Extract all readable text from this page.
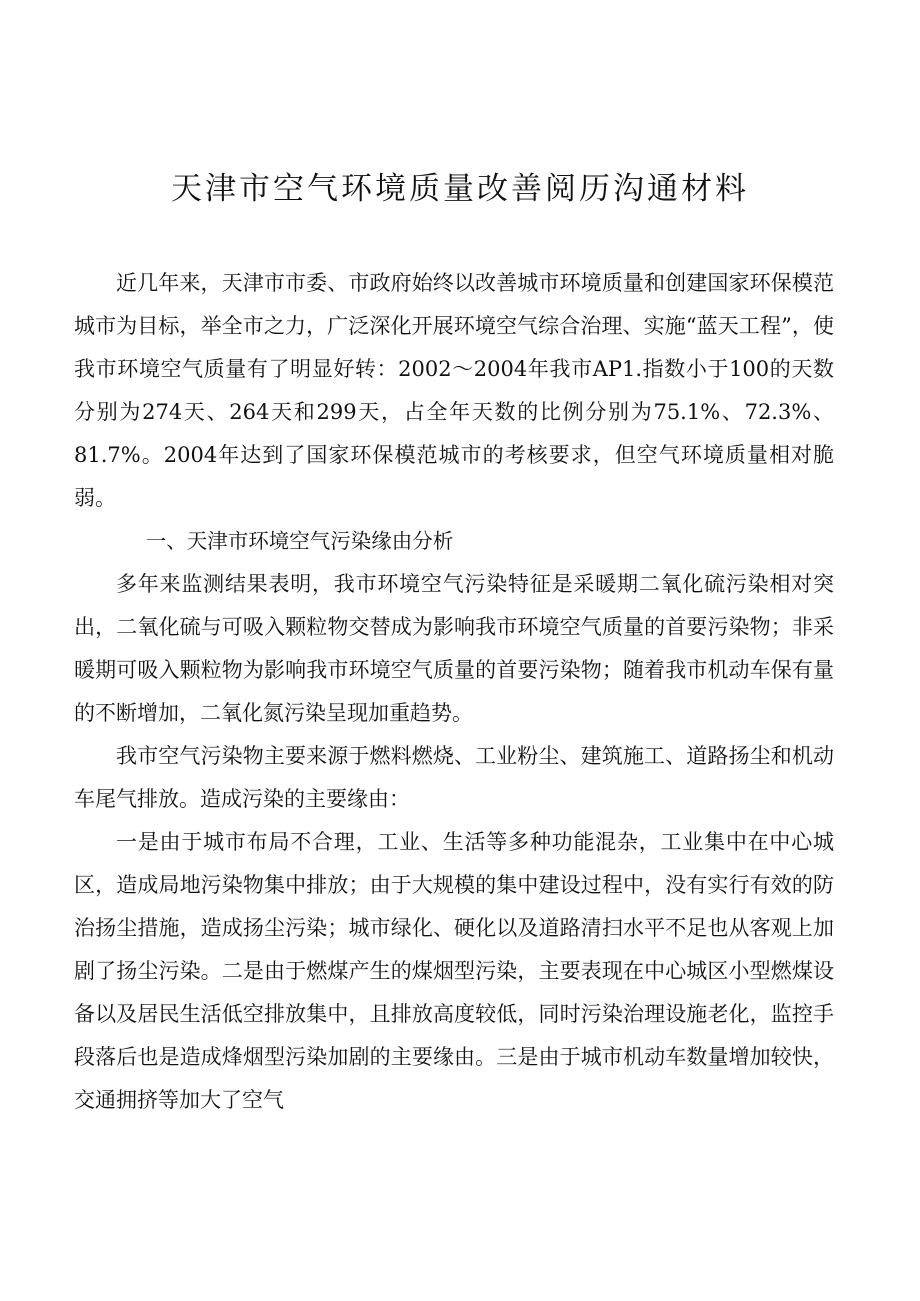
天津市空气环境质量改善阅历沟通材料

近几年来，天津市市委、市政府始终以改善城市环境质量和创建国家环保模范城市为目标，举全市之力，广泛深化开展环境空气综合治理、实施“蓝天工程”，使我市环境空气质量有了明显好转：2002～2004年我市AP1.指数小于100的天数分别为274天、264天和299天，占全年天数的比例分别为75.1%、72.3%、81.7%。2004年达到了国家环保模范城市的考核要求，但空气环境质量相对脆弱。

一、天津市环境空气污染缘由分析

多年来监测结果表明，我市环境空气污染特征是采暖期二氧化硫污染相对突出，二氧化硫与可吸入颗粒物交替成为影响我市环境空气质量的首要污染物；非采暖期可吸入颗粒物为影响我市环境空气质量的首要污染物；随着我市机动车保有量的不断增加，二氧化氮污染呈现加重趋势。

我市空气污染物主要来源于燃料燃烧、工业粉尘、建筑施工、道路扬尘和机动车尾气排放。造成污染的主要缘由：

一是由于城市布局不合理，工业、生活等多种功能混杂，工业集中在中心城区，造成局地污染物集中排放；由于大规模的集中建设过程中，没有实行有效的防治扬尘措施，造成扬尘污染；城市绿化、硬化以及道路清扫水平不足也从客观上加剧了扬尘污染。二是由于燃煤产生的煤烟型污染，主要表现在中心城区小型燃煤设备以及居民生活低空排放集中，且排放高度较低，同时污染治理设施老化，监控手段落后也是造成烽烟型污染加剧的主要缘由。三是由于城市机动车数量增加较快，交通拥挤等加大了空气
